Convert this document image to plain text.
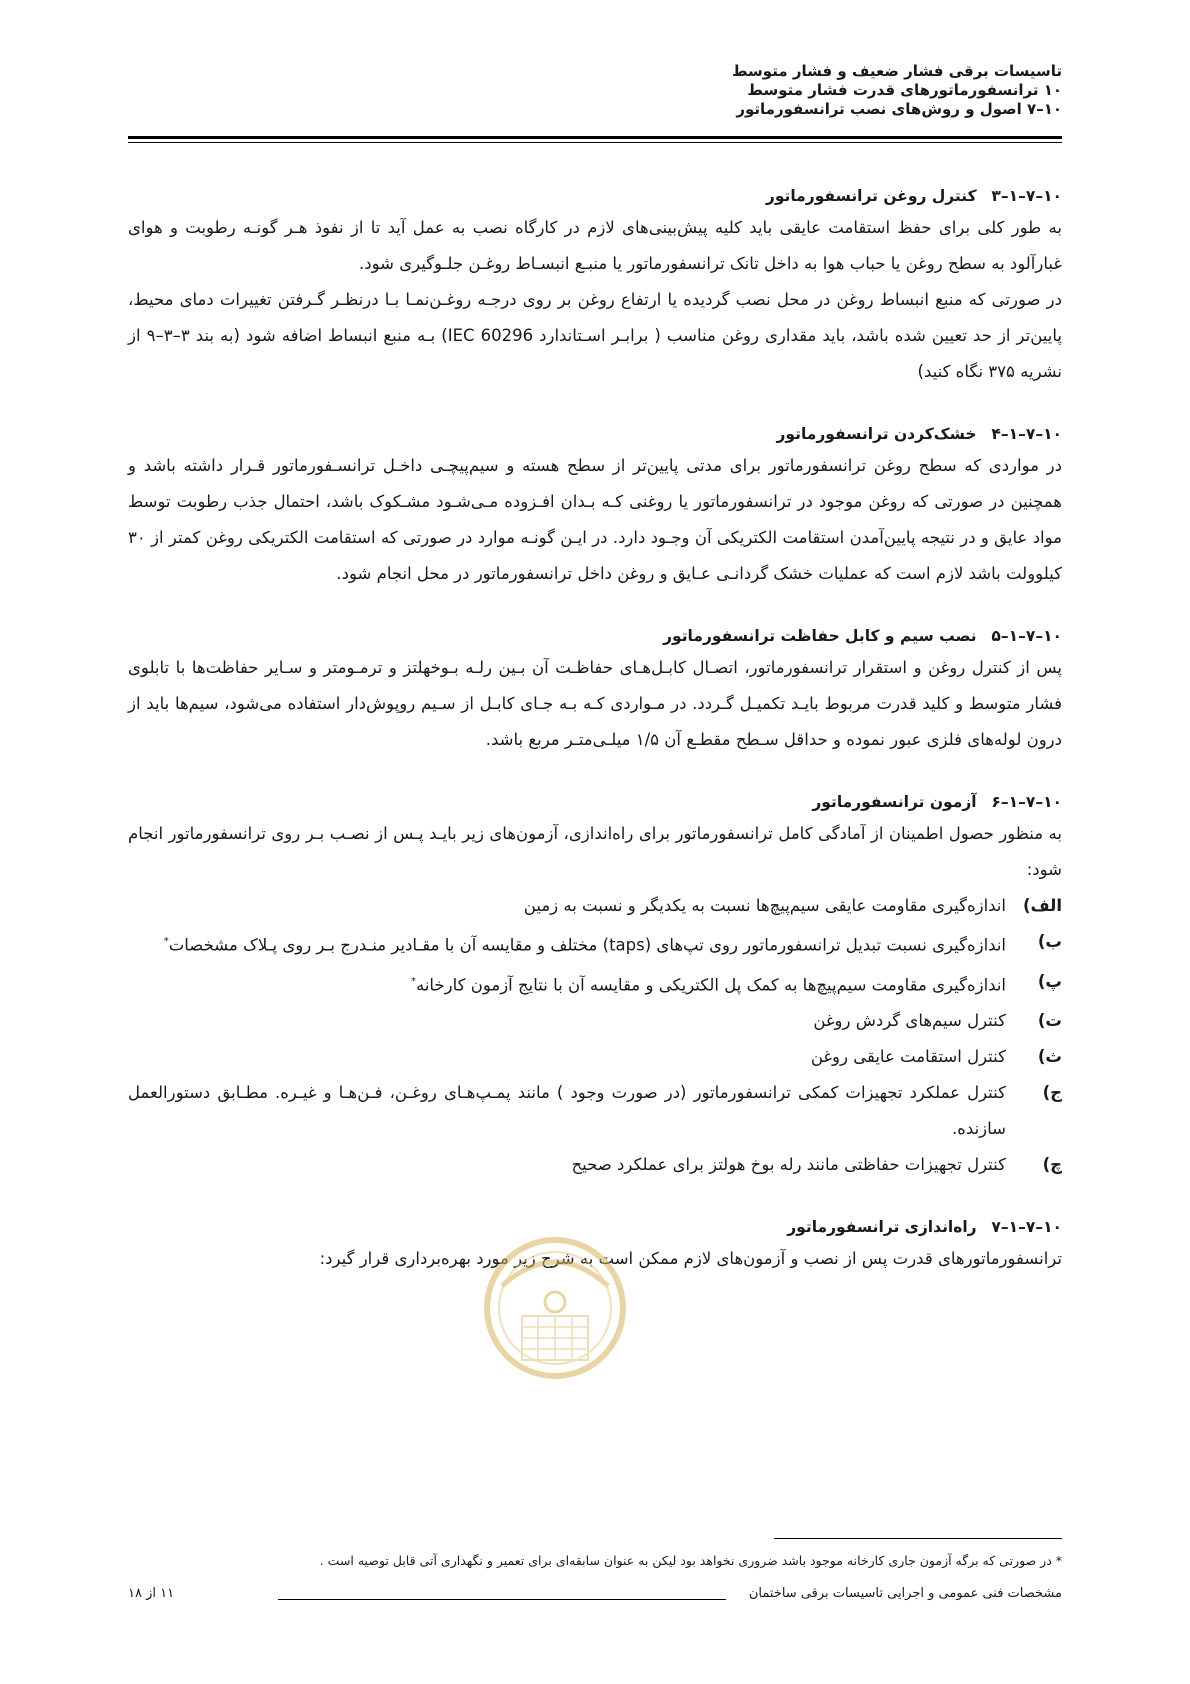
تاسیسات برقی فشار ضعیف و فشار متوسط
۱۰ ترانسفورماتورهای قدرت فشار متوسط
۱۰–۷ اصول و روش‌های نصب ترانسفورماتور
۱۰–۷–۱–۳ کنترل روغن ترانسفورماتور

به طور کلی برای حفظ استقامت عایقی باید کلیه پیش‌بینی‌های لازم در کارگاه نصب به عمل آید تا از نفوذ هـر گونـه رطوبت و هوای غبارآلود به سطح روغن یا حباب هوا به داخل تانک ترانسفورماتور یا منبـع انبسـاط روغـن جلـوگیری شود.

در صورتی که منبع انبساط روغن در محل نصب گردیده یا ارتفاع روغن بر روی درجـه روغـن‌نمـا بـا درنظـر گـرفتن تغییرات دمای محیط، پایین‌تر از حد تعیین شده باشد، باید مقداری روغن مناسب ( برابـر اسـتاندارد IEC 60296) بـه منبع انبساط اضافه شود (به بند ۳–۳–۹ از نشریه ۳۷۵ نگاه کنید)

۱۰–۷–۱–۴ خشک‌کردن ترانسفورماتور

در مواردی که سطح روغن ترانسفورماتور برای مدتی پایین‌تر از سطح هسته و سیم‌پیچـی داخـل ترانسـفورماتور قـرار داشته باشد و همچنین در صورتی که روغن موجود در ترانسفورماتور یا روغنی کـه بـدان افـزوده مـی‌شـود مشـکوک باشد، احتمال جذب رطوبت توسط مواد عایق و در نتیجه پایین‌آمدن استقامت الکتریکی آن وجـود دارد. در ایـن گونـه موارد در صورتی که استقامت الکتریکی روغن کمتر از ۳۰ کیلوولت باشد لازم است که عملیات خشک گردانـی عـایق و روغن داخل ترانسفورماتور در محل انجام شود.

۱۰–۷–۱–۵ نصب سیم و کابل حفاظت ترانسفورماتور

پس از کنترل روغن و استقرار ترانسفورماتور، اتصـال کابـل‌هـای حفاظـت آن بـین رلـه بـوخهلتز و ترمـومتر و سـایر حفاظت‌ها با تابلوی فشار متوسط و کلید قدرت مربوط بایـد تکمیـل گـردد. در مـواردی کـه بـه جـای کابـل از سـیم روپوش‌دار استفاده می‌شود، سیم‌ها باید از درون لوله‌های فلزی عبور نموده و حداقل سـطح مقطـع آن ۱/۵ میلـی‌متـر مربع باشد.

۱۰–۷–۱–۶ آزمون ترانسفورماتور

به منظور حصول اطمینان از آمادگی کامل ترانسفورماتور برای راه‌اندازی، آزمون‌های زیر بایـد پـس از نصـب بـر روی ترانسفورماتور انجام شود:

الف)
اندازه‌گیری مقاومت عایقی سیم‌پیچ‌ها نسبت به یکدیگر و نسبت به زمین
ب)
اندازه‌گیری نسبت تبدیل ترانسفورماتور روی تپ‌های (taps) مختلف و مقایسه آن با مقـادیر منـدرج بـر روی پـلاک مشخصات*
پ)
اندازه‌گیری مقاومت سیم‌پیچ‌ها به کمک پل الکتریکی و مقایسه آن با نتایج آزمون کارخانه*
ت)
کنترل سیم‌های گردش روغن
ث)
کنترل استقامت عایقی روغن
ج)
کنترل عملکرد تجهیزات کمکی ترانسفورماتور (در صورت وجود ) مانند پمـپ‌هـای روغـن، فـن‌هـا و غیـره. مطـابق دستورالعمل سازنده.
چ)
کنترل تجهیزات حفاظتی مانند رله بوخ هولتز برای عملکرد صحیح
۱۰–۷–۱–۷ راه‌اندازی ترانسفورماتور

ترانسفورماتورهای قدرت پس از نصب و آزمون‌های لازم ممکن است به شرح زیر مورد بهره‌برداری قرار گیرد:

* در صورتی که برگه آزمون جاری کارخانه موجود باشد ضروری نخواهد بود لیکن به عنوان سابقه‌ای برای تعمیر و نگهداری آتی قابل توصیه است .
مشخصات فنی عمومی و اجرایی تاسیسات برقی ساختمان
۱۱ از ۱۸
